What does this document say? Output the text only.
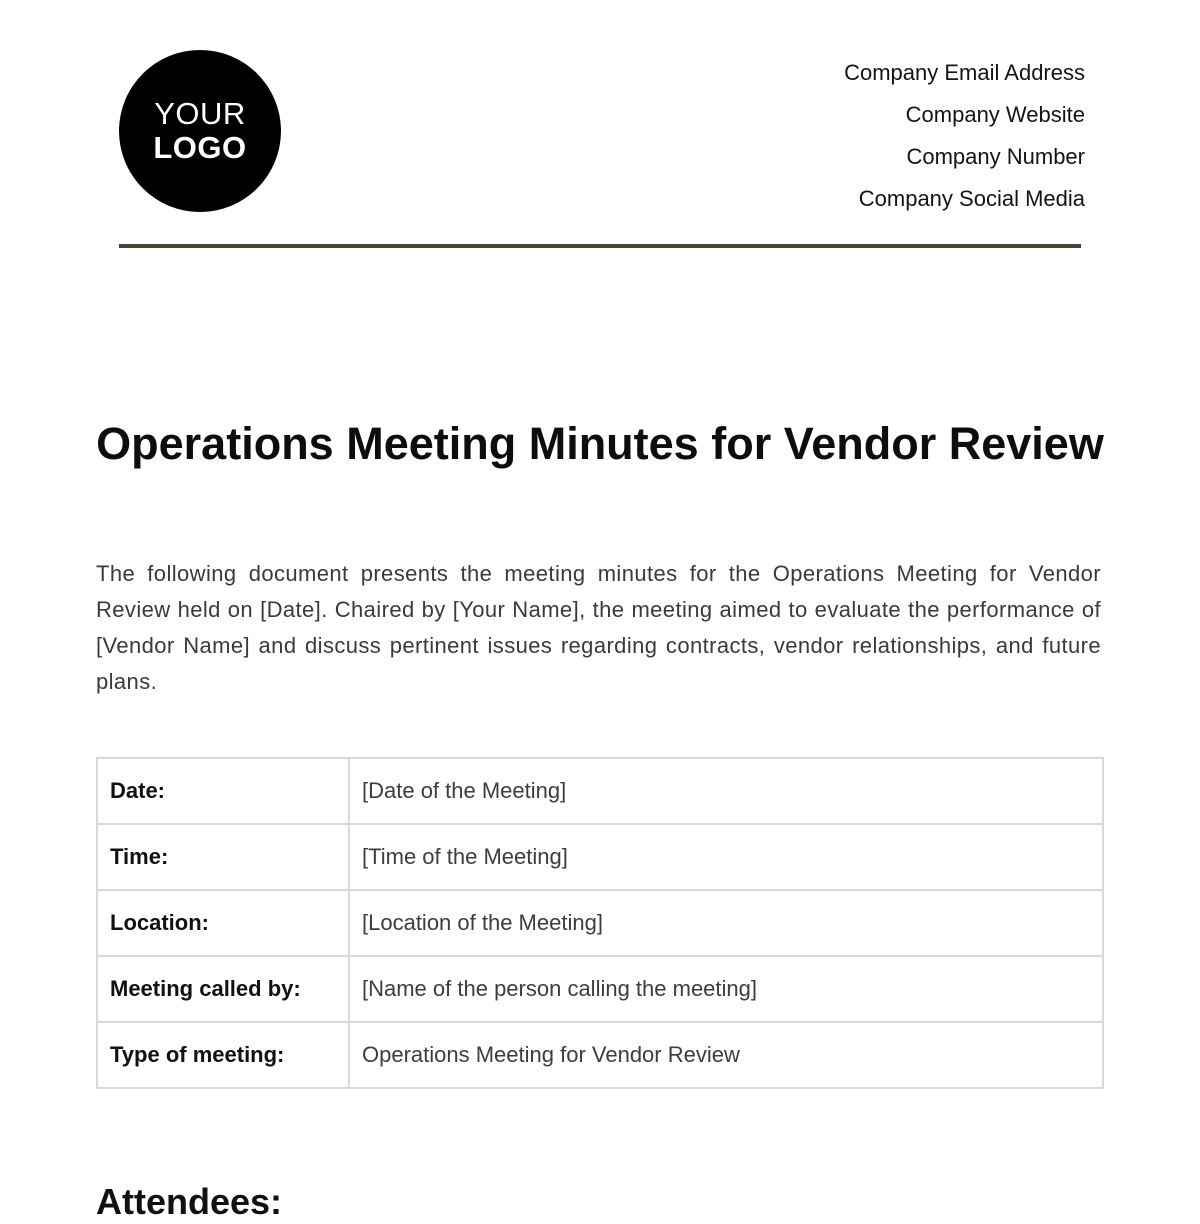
YOUR
LOGO
Company Email Address
Company Website
Company Number
Company Social Media
Operations Meeting Minutes for Vendor Review
The following document presents the meeting minutes for the Operations Meeting for Vendor Review held on [Date]. Chaired by [Your Name], the meeting aimed to evaluate the performance of [Vendor Name] and discuss pertinent issues regarding contracts, vendor relationships, and future plans.
Date:	[Date of the Meeting]
Time:	[Time of the Meeting]
Location:	[Location of the Meeting]
Meeting called by:	[Name of the person calling the meeting]
Type of meeting:	Operations Meeting for Vendor Review
Attendees:
